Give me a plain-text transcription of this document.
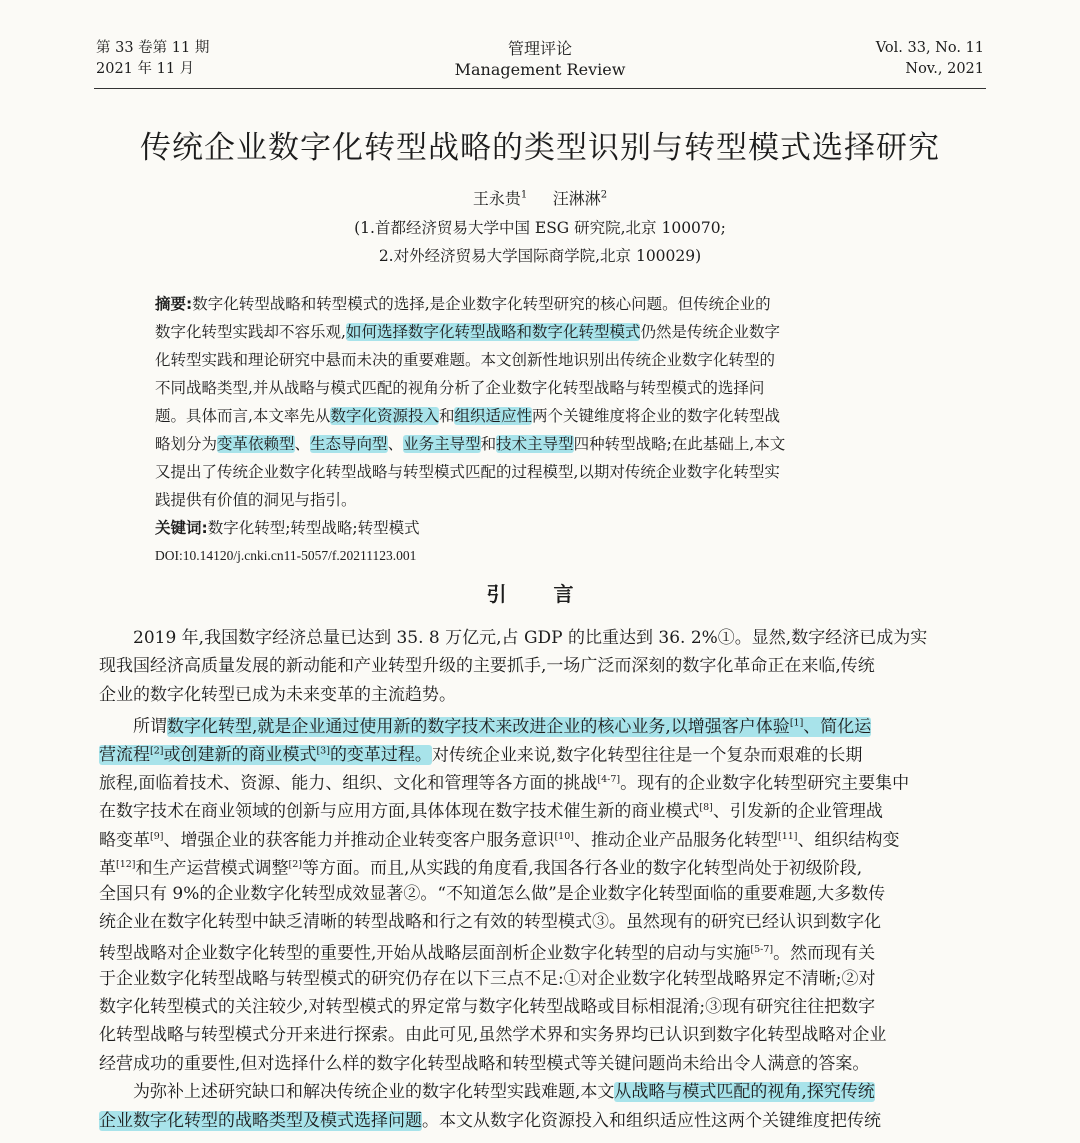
第 33 卷第 11 期
2021 年 11 月
管理评论
Management Review
Vol. 33, No. 11
Nov., 2021
传统企业数字化转型战略的类型识别与转型模式选择研究
王永贵$^1$ 汪淋淋$^2$
(1.首都经济贸易大学中国 ESG 研究院,北京 100070;
2.对外经济贸易大学国际商学院,北京 100029)
摘要:数字化转型战略和转型模式的选择,是企业数字化转型研究的核心问题。但传统企业的
数字化转型实践却不容乐观,如何选择数字化转型战略和数字化转型模式仍然是传统企业数字
化转型实践和理论研究中悬而未决的重要难题。本文创新性地识别出传统企业数字化转型的
不同战略类型,并从战略与模式匹配的视角分析了企业数字化转型战略与转型模式的选择问
题。具体而言,本文率先从数字化资源投入和组织适应性两个关键维度将企业的数字化转型战
略划分为变革依赖型、生态导向型、业务主导型和技术主导型四种转型战略;在此基础上,本文
又提出了传统企业数字化转型战略与转型模式匹配的过程模型,以期对传统企业数字化转型实
践提供有价值的洞见与指引。
关键词:数字化转型;转型战略;转型模式
DOI:10.14120/j.cnki.cn11-5057/f.20211123.001
引 言
2019 年,我国数字经济总量已达到 35. 8 万亿元,占 GDP 的比重达到 36. 2%①。显然,数字经济已成为实
现我国经济高质量发展的新动能和产业转型升级的主要抓手,一场广泛而深刻的数字化革命正在来临,传统
企业的数字化转型已成为未来变革的主流趋势。
所谓数字化转型,就是企业通过使用新的数字技术来改进企业的核心业务,以增强客户体验[1]、简化运
营流程[2]或创建新的商业模式[3]的变革过程。对传统企业来说,数字化转型往往是一个复杂而艰难的长期
旅程,面临着技术、资源、能力、组织、文化和管理等各方面的挑战[4-7]。现有的企业数字化转型研究主要集中
在数字技术在商业领域的创新与应用方面,具体体现在数字技术催生新的商业模式[8]、引发新的企业管理战
略变革[9]、增强企业的获客能力并推动企业转变客户服务意识[10]、推动企业产品服务化转型[11]、组织结构变
革[12]和生产运营模式调整[2]等方面。而且,从实践的角度看,我国各行各业的数字化转型尚处于初级阶段,
全国只有 9%的企业数字化转型成效显著②。“不知道怎么做”是企业数字化转型面临的重要难题,大多数传
统企业在数字化转型中缺乏清晰的转型战略和行之有效的转型模式③。虽然现有的研究已经认识到数字化
转型战略对企业数字化转型的重要性,开始从战略层面剖析企业数字化转型的启动与实施[5-7]。然而现有关
于企业数字化转型战略与转型模式的研究仍存在以下三点不足:①对企业数字化转型战略界定不清晰;②对
数字化转型模式的关注较少,对转型模式的界定常与数字化转型战略或目标相混淆;③现有研究往往把数字
化转型战略与转型模式分开来进行探索。由此可见,虽然学术界和实务界均已认识到数字化转型战略对企业
经营成功的重要性,但对选择什么样的数字化转型战略和转型模式等关键问题尚未给出令人满意的答案。
为弥补上述研究缺口和解决传统企业的数字化转型实践难题,本文从战略与模式匹配的视角,探究传统
企业数字化转型的战略类型及模式选择问题。本文从数字化资源投入和组织适应性这两个关键维度把传统
